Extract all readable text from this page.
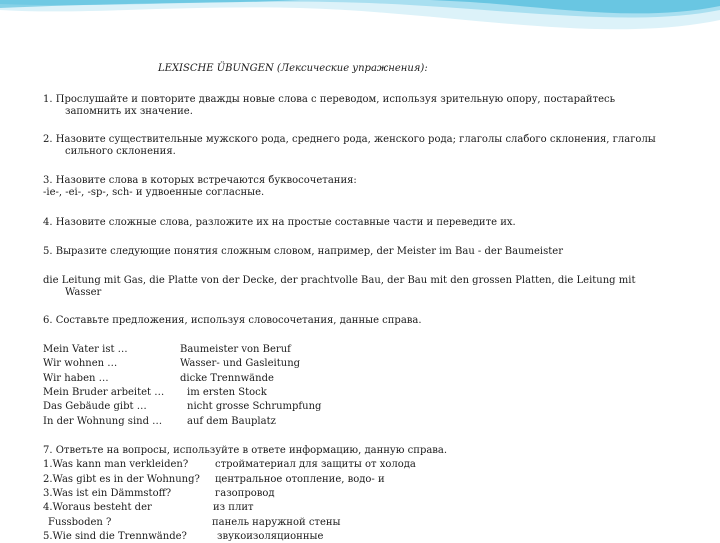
LEXISCHE ÜBUNGEN (Лексические упражнения):
1. Прослушайте и повторите дважды новые слова с переводом, используя зрительную опору, постарайтесь
запомнить их значение.
2. Назовите существительные мужского рода, среднего рода, женского рода; глаголы слабого склонения, глаголы
сильного склонения.
3. Назовите слова в которых встречаются буквосочетания:
-ie-, -ei-, -sp-, sch- и удвоенные согласные.
4. Назовите сложные слова, разложите их на простые составные части и переведите их.
5. Выразите следующие понятия сложным словом, например, der Meister im Bau - der Baumeister
die Leitung mit Gas, die Platte von der Decke, der prachtvolle Bau, der Bau mit den grossen Platten, die Leitung mit
Wasser
6. Составьте предложения, используя словосочетания, данные справа.
Mein Vater ist …	Baumeister von Beruf
Wir wohnen …	Wasser- und Gasleitung
Wir haben …	dicke Trennwände
Mein Bruder arbeitet … im ersten Stock
Das Gebäude gibt …	nicht grosse Schrumpfung
In der Wohnung sind … auf dem Bauplatz
7. Ответьте на вопросы, используйте в ответе информацию, данную справа.
1.Was kann man verkleiden?	стройматериал для защиты от холода
2.Was gibt es in der Wohnung? центральное отопление, водо- и
3.Was ist ein Dämmstoff?	газопровод
4.Woraus besteht der	из плит
Fussboden ?	панель наружной стены
5.Wie sind die Trennwände?	звукоизоляционные
